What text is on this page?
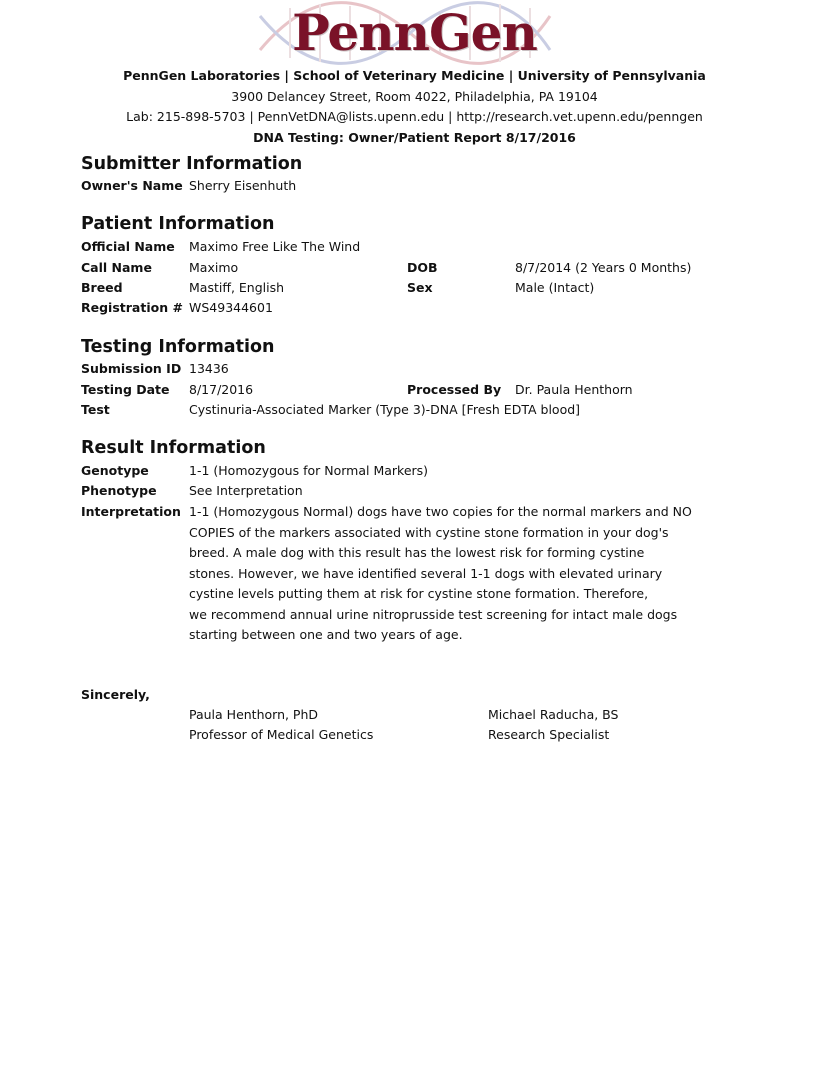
PennGen
PennGen Laboratories | School of Veterinary Medicine | University of Pennsylvania
3900 Delancey Street, Room 4022, Philadelphia, PA 19104
Lab: 215-898-5703 | PennVetDNA@lists.upenn.edu | http://research.vet.upenn.edu/penngen
DNA Testing: Owner/Patient Report 8/17/2016
Submitter Information
Owner's Name Sherry Eisenhuth
Patient Information
Official Name Maximo Free Like The Wind
Call Name	Maximo	DOB	8/7/2014 (2 Years 0 Months)
Breed	Mastiff, English	Sex	Male (Intact)
Registration # WS49344601
Testing Information
Submission ID 13436
Testing Date 8/17/2016	Processed By Dr. Paula Henthorn
Test	Cystinuria-Associated Marker (Type 3)-DNA [Fresh EDTA blood]
Result Information
Genotype	1-1 (Homozygous for Normal Markers)
Phenotype	See Interpretation
Interpretation 1-1 (Homozygous Normal) dogs have two copies for the normal markers and NO
COPIES of the markers associated with cystine stone formation in your dog's
breed. A male dog with this result has the lowest risk for forming cystine
stones. However, we have identified several 1-1 dogs with elevated urinary
cystine levels putting them at risk for cystine stone formation. Therefore,
we recommend annual urine nitroprusside test screening for intact male dogs
starting between one and two years of age.
Sincerely,
Paula Henthorn, PhD
Professor of Medical Genetics
Michael Raducha, BS
Research Specialist
